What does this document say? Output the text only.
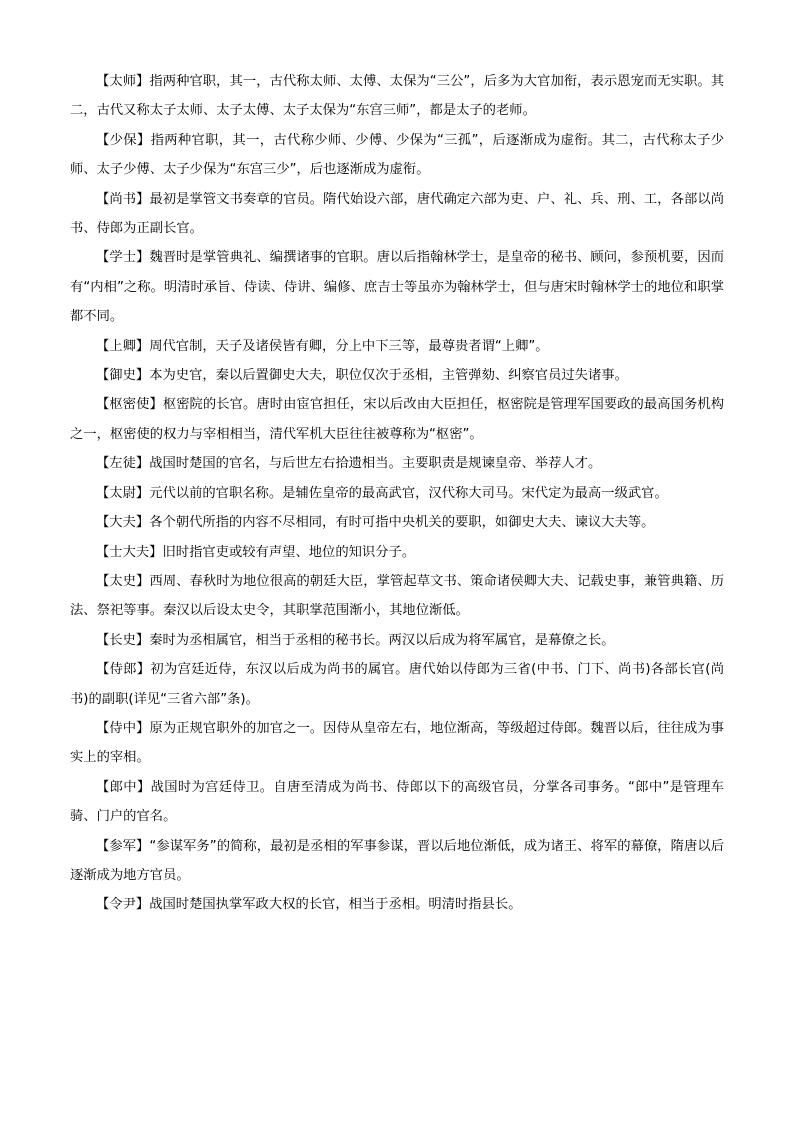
【太师】指两种官职，其一，古代称太师、太傅、太保为“三公”，后多为大官加衔，表示恩宠而无实职。其二，古代又称太子太师、太子太傅、太子太保为“东宫三师”，都是太子的老师。

【少保】指两种官职，其一，古代称少师、少傅、少保为“三孤”，后逐渐成为虚衔。其二，古代称太子少师、太子少傅、太子少保为“东宫三少”，后也逐渐成为虚衔。

【尚书】最初是掌管文书奏章的官员。隋代始设六部，唐代确定六部为吏、户、礼、兵、刑、工，各部以尚书、侍郎为正副长官。

【学士】魏晋时是掌管典礼、编撰诸事的官职。唐以后指翰林学士，是皇帝的秘书、顾问，参预机要，因而有“内相”之称。明清时承旨、侍读、侍讲、编修、庶吉士等虽亦为翰林学士，但与唐宋时翰林学士的地位和职掌都不同。

【上卿】周代官制，天子及诸侯皆有卿，分上中下三等，最尊贵者谓“上卿”。

【御史】本为史官，秦以后置御史大夫，职位仅次于丞相，主管弹劾、纠察官员过失诸事。

【枢密使】枢密院的长官。唐时由宦官担任，宋以后改由大臣担任，枢密院是管理军国要政的最高国务机构之一，枢密使的权力与宰相相当，清代军机大臣往往被尊称为“枢密”。

【左徒】战国时楚国的官名，与后世左右拾遗相当。主要职责是规谏皇帝、举荐人才。

【太尉】元代以前的官职名称。是辅佐皇帝的最高武官，汉代称大司马。宋代定为最高一级武官。

【大夫】各个朝代所指的内容不尽相同，有时可指中央机关的要职，如御史大夫、谏议大夫等。

【士大夫】旧时指官吏或较有声望、地位的知识分子。

【太史】西周、春秋时为地位很高的朝廷大臣，掌管起草文书、策命诸侯卿大夫、记载史事，兼管典籍、历法、祭祀等事。秦汉以后设太史令，其职掌范围渐小，其地位渐低。

【长史】秦时为丞相属官，相当于丞相的秘书长。两汉以后成为将军属官，是幕僚之长。

【侍郎】初为宫廷近侍，东汉以后成为尚书的属官。唐代始以侍郎为三省(中书、门下、尚书)各部长官(尚书)的副职(详见“三省六部”条)。

【侍中】原为正规官职外的加官之一。因侍从皇帝左右，地位渐高，等级超过侍郎。魏晋以后，往往成为事实上的宰相。

【郎中】战国时为宫廷侍卫。自唐至清成为尚书、侍郎以下的高级官员，分掌各司事务。“郎中”是管理车骑、门户的官名。

【参军】“参谋军务”的简称，最初是丞相的军事参谋，晋以后地位渐低，成为诸王、将军的幕僚，隋唐以后逐渐成为地方官员。

【令尹】战国时楚国执掌军政大权的长官，相当于丞相。明清时指县长。
